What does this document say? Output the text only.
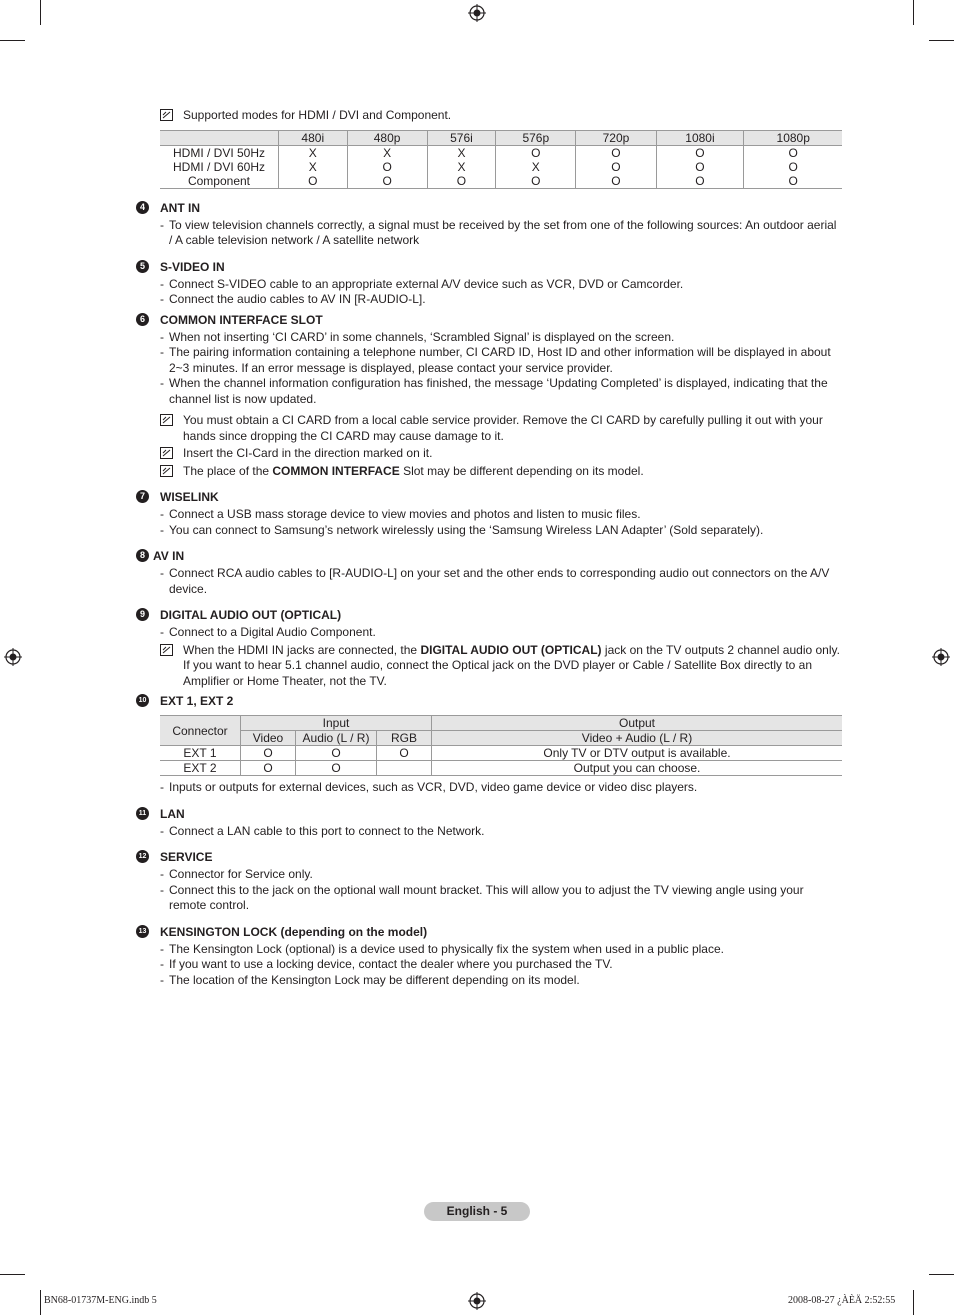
Supported modes for HDMI / DVI and Component.

	480i	480p	576i	576p	720p	1080i	1080p
HDMI / DVI 50Hz	X	X	X	O	O	O	O
HDMI / DVI 60Hz	X	O	X	X	O	O	O
Component	O	O	O	O	O	O	O

4	ANT IN

- To view television channels correctly, a signal must be received by the set from one of the following sources: An outdoor aerial / A cable television network / A satellite network

5	S-VIDEO IN

- Connect S-VIDEO cable to an appropriate external A/V device such as VCR, DVD or Camcorder.

- Connect the audio cables to AV IN [R-AUDIO-L].

6	COMMON INTERFACE SLOT

- When not inserting ‘CI CARD’ in some channels, ‘Scrambled Signal’ is displayed on the screen.

- The pairing information containing a telephone number, CI CARD ID, Host ID and other information will be displayed in about 2~3 minutes. If an error message is displayed, please contact your service provider.

- When the channel information configuration has finished, the message ‘Updating Completed’ is displayed, indicating that the channel list is now updated.

You must obtain a CI CARD from a local cable service provider. Remove the CI CARD by carefully pulling it out with your hands since dropping the CI CARD may cause damage to it.

Insert the CI-Card in the direction marked on it.

The place of the COMMON INTERFACE Slot may be different depending on its model.

7	WISELINK

- Connect a USB mass storage device to view movies and photos and listen to music files.

- You can connect to Samsung’s network wirelessly using the ‘Samsung Wireless LAN Adapter’ (Sold separately).

8 AV IN

- Connect RCA audio cables to [R-AUDIO-L] on your set and the other ends to corresponding audio out connectors on the A/V device.

9	DIGITAL AUDIO OUT (OPTICAL)

- Connect to a Digital Audio Component.

When the HDMI IN jacks are connected, the DIGITAL AUDIO OUT (OPTICAL) jack on the TV outputs 2 channel audio only. If you want to hear 5.1 channel audio, connect the Optical jack on the DVD player or Cable / Satellite Box directly to an Amplifier or Home Theater, not the TV.

10 EXT 1, EXT 2

Connector	Input			Output
	Video	Audio (L / R)	RGB	Video + Audio (L / R)
EXT 1	O	O	O	Only TV or DTV output is available.
EXT 2	O	O		Output you can choose.

- Inputs or outputs for external devices, such as VCR, DVD, video game device or video disc players.

11 LAN

- Connect a LAN cable to this port to connect to the Network.

12 SERVICE

- Connector for Service only.

- Connect this to the jack on the optional wall mount bracket. This will allow you to adjust the TV viewing angle using your remote control.

13 KENSINGTON LOCK (depending on the model)

- The Kensington Lock (optional) is a device used to physically fix the system when used in a public place.

- If you want to use a locking device, contact the dealer where you purchased the TV.

- The location of the Kensington Lock may be different depending on its model.

English - 5
BN68-01737M-ENG.indb 5	2008-08-27 ¿ÀÈÄ 2:52:55
